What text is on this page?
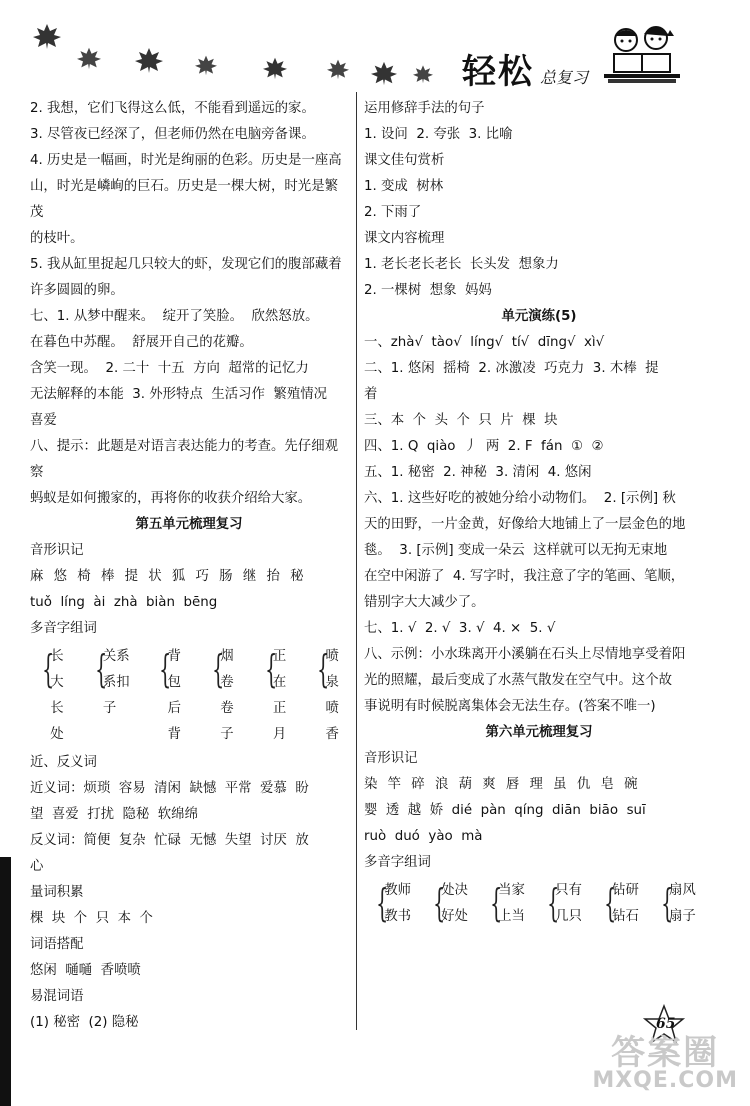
轻松 总复习
2. 我想，它们飞得这么低，不能看到遥远的家。
3. 尽管夜已经深了，但老师仍然在电脑旁备课。
4. 历史是一幅画，时光是绚丽的色彩。历史是一座高
山，时光是嶙峋的巨石。历史是一棵大树，时光是繁茂
的枝叶。
5. 我从缸里捉起几只较大的虾，发现它们的腹部藏着
许多圆圆的卵。
七、1. 从梦中醒来。  绽开了笑脸。  欣然怒放。
在暮色中苏醒。  舒展开自己的花瓣。
含笑一现。  2. 二十  十五  方向  超常的记忆力
无法解释的本能  3. 外形特点  生活习作  繁殖情况
喜爱
八、提示：此题是对语言表达能力的考查。先仔细观察
蚂蚁是如何搬家的，再将你的收获介绍给大家。
第五单元梳理复习
音形识记
麻 悠 椅 棒 提 状 狐 巧 肠 继 抬 秘
tuǒ  líng  ài  zhà  biàn  bēng
多音字组词
{
长大
长处
{
关系
系扣子
{
背包
后背
{
烟卷
卷子
{
正在
正月
{
喷泉
喷香
近、反义词
近义词：烦琐  容易  清闲  缺憾  平常  爱慕  盼
望  喜爱  打扰  隐秘  软绵绵
反义词：简便  复杂  忙碌  无憾  失望  讨厌  放
心
量词积累
棵  块  个  只  本  个
词语搭配
悠闲  嗵嗵  香喷喷
易混词语
(1) 秘密  (2) 隐秘
运用修辞手法的句子
1. 设问  2. 夸张  3. 比喻
课文佳句赏析
1. 变成  树林
2. 下雨了
课文内容梳理
1. 老长老长老长  长头发  想象力
2. 一棵树  想象  妈妈
单元演练(5)
一、zhà√  tào√  líng√  tí√  dīng√  xì√
二、1. 悠闲  摇椅  2. 冰激凌  巧克力  3. 木棒  提
着
三、本  个  头  个  只  片  棵  块
四、1. Q  qiào  丿  两  2. F  fán  ①  ②
五、1. 秘密  2. 神秘  3. 清闲  4. 悠闲
六、1. 这些好吃的被她分给小动物们。  2. [示例] 秋
天的田野，一片金黄，好像给大地铺上了一层金色的地
毯。  3. [示例] 变成一朵云  这样就可以无拘无束地
在空中闲游了  4. 写字时，我注意了字的笔画、笔顺，
错别字大大减少了。
七、1. √  2. √  3. √  4. ×  5. √
八、示例：小水珠离开小溪躺在石头上尽情地享受着阳
光的照耀，最后变成了水蒸气散发在空气中。这个故
事说明有时候脱离集体会无法生存。(答案不唯一)
第六单元梳理复习
音形识记
染 竿 碎 浪 葫 爽 唇 理 虽 仇 皂 碗
婴  透  越  娇  dié  pàn  qíng  diān  biāo  suī
ruò  duó  yào  mà
多音字组词
{
教师
教书 {
处决
好处 {
当家
上当 {
只有
几只 {
钻研
钻石 {
扇风
扇子
65
答案圈
MXQE.COM
